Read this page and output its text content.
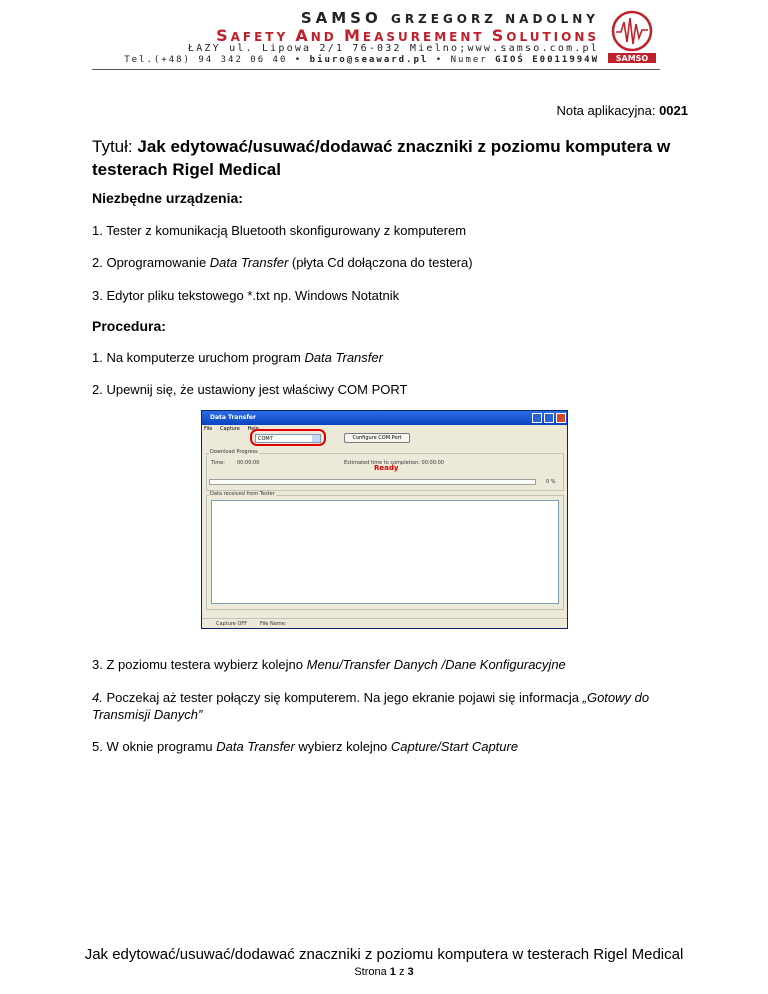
SAMSO GRZEGORZ NADOLNY
SAFETY AND MEASUREMENT SOLUTIONS
ŁAZY ul. Lipowa 2/1 76-032 Mielno;www.samso.com.pl
Tel.(+48) 94 342 06 40 • biuro@seaward.pl • Numer GIOŚ E0011994W SAMSO
Nota aplikacyjna: 0021
Tytuł: Jak edytować/usuwać/dodawać znaczniki z poziomu komputera w testerach Rigel Medical
Niezbędne urządzenia:
1. Tester z komunikacją Bluetooth skonfigurowany z komputerem
2. Oprogramowanie Data Transfer (płyta Cd dołączona do testera)
3. Edytor pliku tekstowego *.txt np. Windows Notatnik
Procedura:
1. Na komputerze uruchom program Data Transfer
2. Upewnij się, że ustawiony jest właściwy COM PORT
Data Transfer
File Capture Help
COM7	Configure COM Port
Download Progress
Time: 00:00:00	Estimated time to completion: 00:00:00
Ready
0 %
Data received from Tester
Capture OFF	File Name:
3. Z poziomu testera wybierz kolejno Menu/Transfer Danych /Dane Konfiguracyjne
4. Poczekaj aż tester połączy się komputerem. Na jego ekranie pojawi się informacja „Gotowy do Transmisji Danych”
5. W oknie programu Data Transfer wybierz kolejno Capture/Start Capture
Jak edytować/usuwać/dodawać znaczniki z poziomu komputera w testerach Rigel Medical
Strona 1 z 3
